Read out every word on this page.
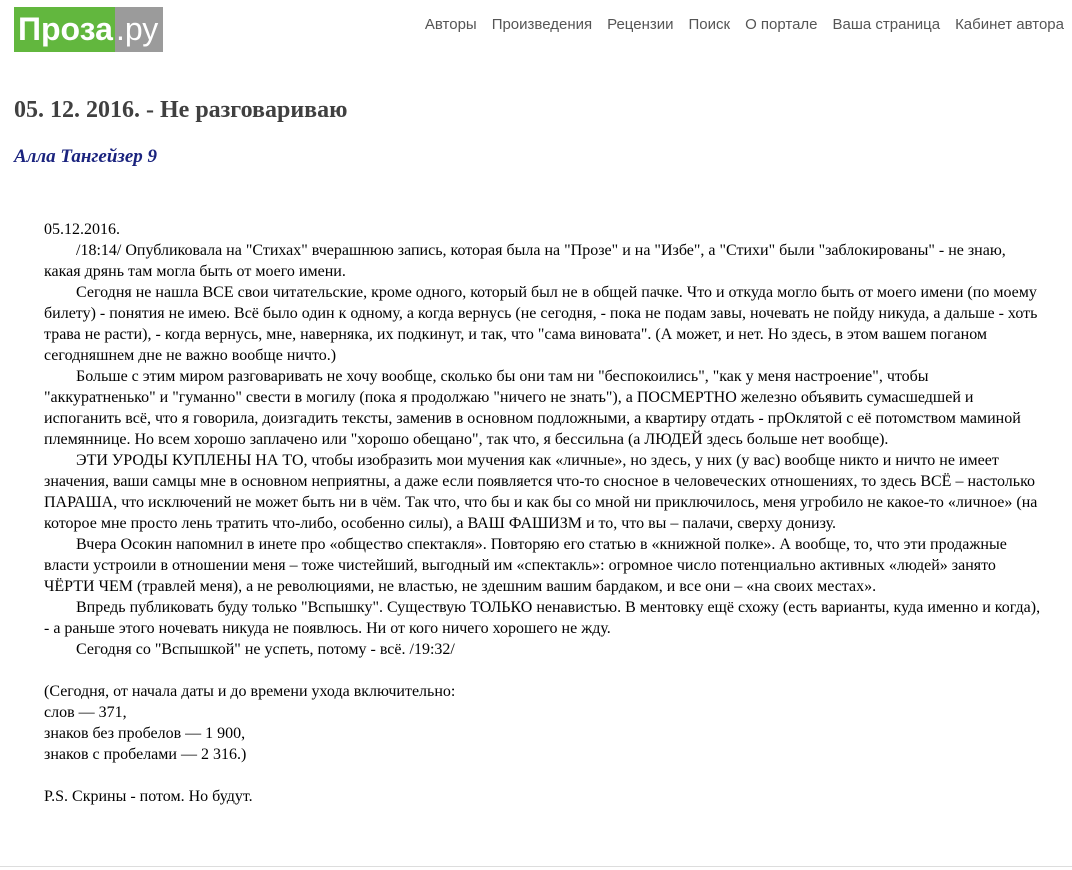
Проза .ру	Авторы Произведения Рецензии Поиск О портале Ваша страница Кабинет автора
05. 12. 2016. - Не разговариваю
Алла Тангейзер 9

05.12.2016.

/18:14/ Опубликовала на "Стихах" вчерашнюю запись, которая была на "Прозе" и на "Избе", а "Стихи" были "заблокированы" - не знаю, какая дрянь там могла быть от моего имени.

Сегодня не нашла ВСЕ свои читательские, кроме одного, который был не в общей пачке. Что и откуда могло быть от моего имени (по моему билету) - понятия не имею. Всё было один к одному, а когда вернусь (не сегодня, - пока не подам завы, ночевать не пойду никуда, а дальше - хоть трава не расти), - когда вернусь, мне, наверняка, их подкинут, и так, что "сама виновата". (А может, и нет. Но здесь, в этом вашем поганом сегодняшнем дне не важно вообще ничто.)

Больше с этим миром разговаривать не хочу вообще, сколько бы они там ни "беспокоились", "как у меня настроение", чтобы "аккуратненько" и "гуманно" свести в могилу (пока я продолжаю "ничего не знать"), а ПОСМЕРТНО железно объявить сумасшедшей и испоганить всё, что я говорила, доизгадить тексты, заменив в основном подложными, а квартиру отдать - прОклятой с её потомством маминой племяннице. Но всем хорошо заплачено или "хорошо обещано", так что, я бессильна (а ЛЮДЕЙ здесь больше нет вообще).

ЭТИ УРОДЫ КУПЛЕНЫ НА ТО, чтобы изобразить мои мучения как «личные», но здесь, у них (у вас) вообще никто и ничто не имеет значения, ваши самцы мне в основном неприятны, а даже если появляется что-то сносное в человеческих отношениях, то здесь ВСЁ – настолько ПАРАША, что исключений не может быть ни в чём. Так что, что бы и как бы со мной ни приключилось, меня угробило не какое-то «личное» (на которое мне просто лень тратить что-либо, особенно силы), а ВАШ ФАШИЗМ и то, что вы – палачи, сверху донизу.

Вчера Осокин напомнил в инете про «общество спектакля». Повторяю его статью в «книжной полке». А вообще, то, что эти продажные власти устроили в отношении меня – тоже чистейший, выгодный им «спектакль»: огромное число потенциально активных «людей» занято ЧЁРТИ ЧЕМ (травлей меня), а не революциями, не властью, не здешним вашим бардаком, и все они – «на своих местах».

Впредь публиковать буду только "Вспышку". Существую ТОЛЬКО ненавистью. В ментовку ещё схожу (есть варианты, куда именно и когда), - а раньше этого ночевать никуда не появлюсь. Ни от кого ничего хорошего не жду.

Сегодня со "Вспышкой" не успеть, потому - всё. /19:32/

(Сегодня, от начала даты и до времени ухода включительно:

слов — 371,

знаков без пробелов — 1 900,

знаков с пробелами — 2 316.)

P.S. Скрины - потом. Но будут.
